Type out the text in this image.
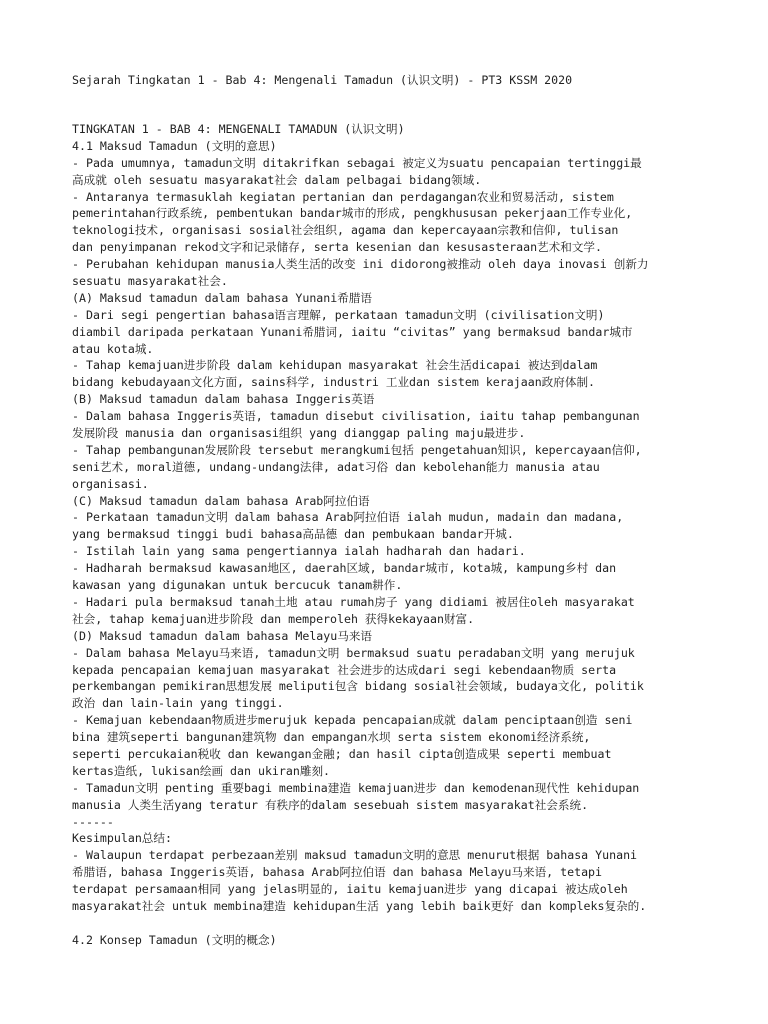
Sejarah Tingkatan 1 - Bab 4: Mengenali Tamadun (认识文明) - PT3 KSSM 2020
TINGKATAN 1 - BAB 4: MENGENALI TAMADUN (认识文明)
4.1 Maksud Tamadun (文明的意思)
- Pada umumnya, tamadun文明 ditakrifkan sebagai 被定义为suatu pencapaian tertinggi最
高成就 oleh sesuatu masyarakat社会 dalam pelbagai bidang领域.
- Antaranya termasuklah kegiatan pertanian dan perdagangan农业和贸易活动, sistem
pemerintahan行政系统, pembentukan bandar城市的形成, pengkhususan pekerjaan工作专业化,
teknologi技术, organisasi sosial社会组织, agama dan kepercayaan宗教和信仰, tulisan
dan penyimpanan rekod文字和记录储存, serta kesenian dan kesusasteraan艺术和文学.
- Perubahan kehidupan manusia人类生活的改变 ini didorong被推动 oleh daya inovasi 创新力
sesuatu masyarakat社会.
(A) Maksud tamadun dalam bahasa Yunani希腊语
- Dari segi pengertian bahasa语言理解, perkataan tamadun文明 (civilisation文明)
diambil daripada perkataan Yunani希腊词, iaitu “civitas” yang bermaksud bandar城市
atau kota城.
- Tahap kemajuan进步阶段 dalam kehidupan masyarakat 社会生活dicapai 被达到dalam
bidang kebudayaan文化方面, sains科学, industri 工业dan sistem kerajaan政府体制.
(B) Maksud tamadun dalam bahasa Inggeris英语
- Dalam bahasa Inggeris英语, tamadun disebut civilisation, iaitu tahap pembangunan
发展阶段 manusia dan organisasi组织 yang dianggap paling maju最进步.
- Tahap pembangunan发展阶段 tersebut merangkumi包括 pengetahuan知识, kepercayaan信仰,
seni艺术, moral道德, undang-undang法律, adat习俗 dan kebolehan能力 manusia atau
organisasi.
(C) Maksud tamadun dalam bahasa Arab阿拉伯语
- Perkataan tamadun文明 dalam bahasa Arab阿拉伯语 ialah mudun, madain dan madana,
yang bermaksud tinggi budi bahasa高品德 dan pembukaan bandar开城.
- Istilah lain yang sama pengertiannya ialah hadharah dan hadari.
- Hadharah bermaksud kawasan地区, daerah区域, bandar城市, kota城, kampung乡村 dan
kawasan yang digunakan untuk bercucuk tanam耕作.
- Hadari pula bermaksud tanah土地 atau rumah房子 yang didiami 被居住oleh masyarakat
社会, tahap kemajuan进步阶段 dan memperoleh 获得kekayaan财富.
(D) Maksud tamadun dalam bahasa Melayu马来语
- Dalam bahasa Melayu马来语, tamadun文明 bermaksud suatu peradaban文明 yang merujuk
kepada pencapaian kemajuan masyarakat 社会进步的达成dari segi kebendaan物质 serta
perkembangan pemikiran思想发展 meliputi包含 bidang sosial社会领域, budaya文化, politik
政治 dan lain-lain yang tinggi.
- Kemajuan kebendaan物质进步merujuk kepada pencapaian成就 dalam penciptaan创造 seni
bina 建筑seperti bangunan建筑物 dan empangan水坝 serta sistem ekonomi经济系统,
seperti percukaian税收 dan kewangan金融; dan hasil cipta创造成果 seperti membuat
kertas造纸, lukisan绘画 dan ukiran雕刻.
- Tamadun文明 penting 重要bagi membina建造 kemajuan进步 dan kemodenan现代性 kehidupan
manusia 人类生活yang teratur 有秩序的dalam sesebuah sistem masyarakat社会系统.
------
Kesimpulan总结:
- Walaupun terdapat perbezaan差别 maksud tamadun文明的意思 menurut根据 bahasa Yunani
希腊语, bahasa Inggeris英语, bahasa Arab阿拉伯语 dan bahasa Melayu马来语, tetapi
terdapat persamaan相同 yang jelas明显的, iaitu kemajuan进步 yang dicapai 被达成oleh
masyarakat社会 untuk membina建造 kehidupan生活 yang lebih baik更好 dan kompleks复杂的.
4.2 Konsep Tamadun (文明的概念)
